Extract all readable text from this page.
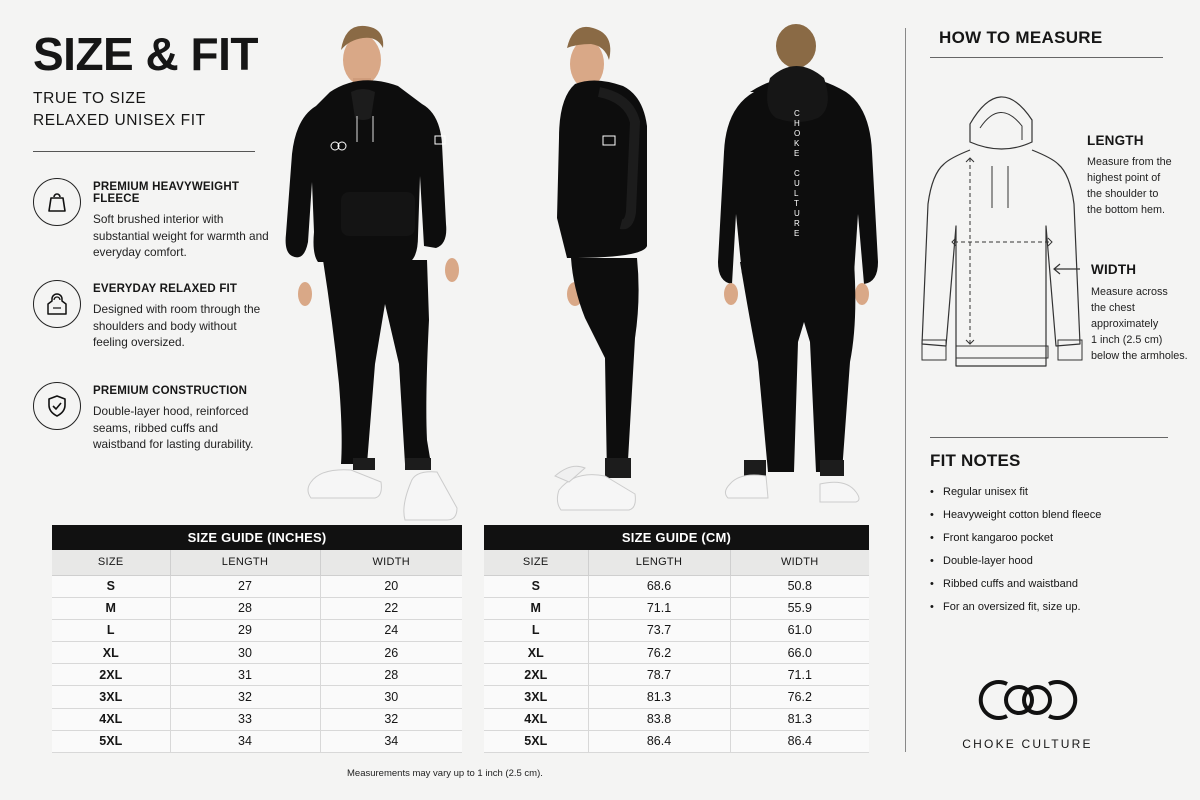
SIZE & FIT
TRUE TO SIZE
RELAXED UNISEX FIT
PREMIUM HEAVYWEIGHT FLEECE

Soft brushed interior with substantial weight for warmth and everyday comfort.

EVERYDAY RELAXED FIT

Designed with room through the shoulders and body without feeling oversized.

PREMIUM CONSTRUCTION

Double-layer hood, reinforced seams, ribbed cuffs and waistband for lasting durability.

C H O K E C U L T U R E
HOW TO MEASURE
LENGTH
Measure from the
highest point of
the shoulder to
the bottom hem.
WIDTH
Measure across
the chest
approximately
1 inch (2.5 cm)
below the armholes.
FIT NOTES
• Regular unisex fit
• Heavyweight cotton blend fleece
• Front kangaroo pocket
• Double-layer hood
• Ribbed cuffs and waistband
• For an oversized fit, size up.
CHOKE CULTURE
SIZE GUIDE (INCHES)		
SIZE	LENGTH	WIDTH
S	27	20
M	28	22
L	29	24
XL	30	26
2XL	31	28
3XL	32	30
4XL	33	32
5XL	34	34
SIZE GUIDE (CM)		
SIZE	LENGTH	WIDTH
S	68.6	50.8
M	71.1	55.9
L	73.7	61.0
XL	76.2	66.0
2XL	78.7	71.1
3XL	81.3	76.2
4XL	83.8	81.3
5XL	86.4	86.4
Measurements may vary up to 1 inch (2.5 cm).
